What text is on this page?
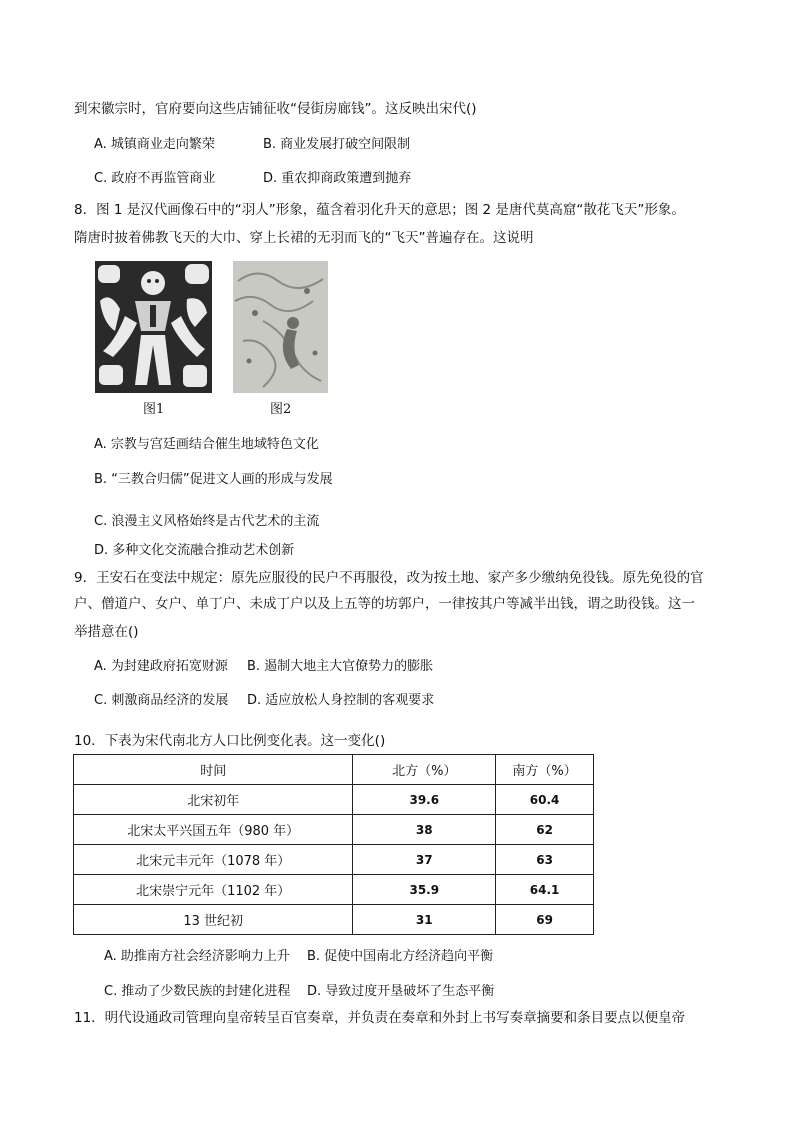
到宋徽宗时，官府要向这些店铺征收“侵街房廊钱”。这反映出宋代()
A. 城镇商业走向繁荣	B. 商业发展打破空间限制
C. 政府不再监管商业	D. 重农抑商政策遭到抛弃
8．图 1 是汉代画像石中的“羽人”形象，蕴含着羽化升天的意思；图 2 是唐代莫高窟“散花飞天”形象。
隋唐时披着佛教飞天的大巾、穿上长裙的无羽而飞的“飞天”普遍存在。这说明
图1	图2
A. 宗教与宫廷画结合催生地域特色文化
B. “三教合归儒”促进文人画的形成与发展
C. 浪漫主义风格始终是古代艺术的主流
D. 多种文化交流融合推动艺术创新
9．王安石在变法中规定：原先应服役的民户不再服役，改为按土地、家产多少缴纳免役钱。原先免役的官
户、僧道户、女户、单丁户、未成丁户以及上五等的坊郭户，一律按其户等减半出钱，谓之助役钱。这一
举措意在()
A. 为封建政府拓宽财源 B. 遏制大地主大官僚势力的膨胀
C. 刺激商品经济的发展 D. 适应放松人身控制的客观要求
10．下表为宋代南北方人口比例变化表。这一变化()
时间	北方（%）	南方（%）
北宋初年	39.6	60.4
北宋太平兴国五年（980 年）	38	62
北宋元丰元年（1078 年）	37	63
北宋崇宁元年（1102 年）	35.9	64.1
13 世纪初	31	69
A. 助推南方社会经济影响力上升 B. 促使中国南北方经济趋向平衡
C. 推动了少数民族的封建化进程 D. 导致过度开垦破坏了生态平衡
11．明代设通政司管理向皇帝转呈百官奏章，并负责在奏章和外封上书写奏章摘要和条目要点以便皇帝
